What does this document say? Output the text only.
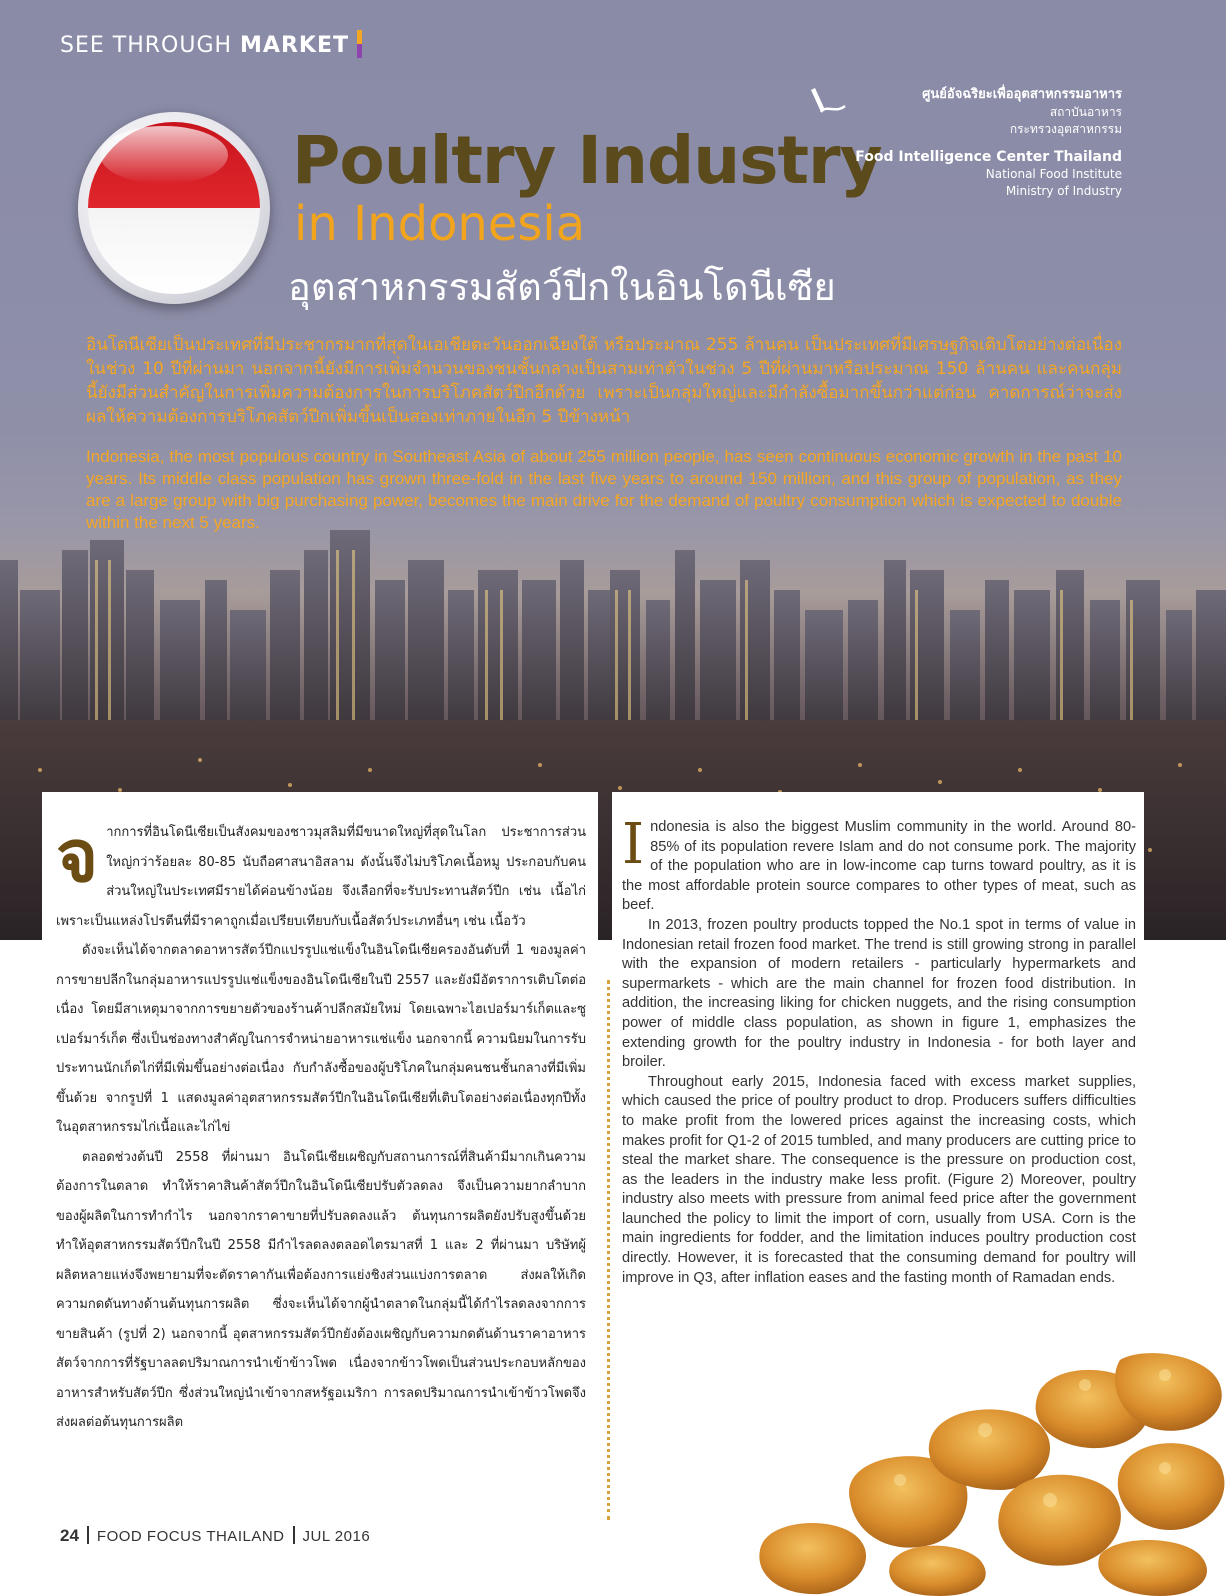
SEE THROUGH MARKET
Poultry Industry
in Indonesia
อุตสาหกรรมสัตว์ปีกในอินโดนีเซีย
ศูนย์อัจฉริยะเพื่ออุตสาหกรรมอาหาร
สถาบันอาหาร
กระทรวงอุตสาหกรรม
Food Intelligence Center Thailand
National Food Institute
Ministry of Industry

อินโดนีเซียเป็นประเทศที่มีประชากรมากที่สุดในเอเชียตะวันออกเฉียงใต้ หรือประมาณ 255 ล้านคน เป็นประเทศที่มีเศรษฐกิจเติบโตอย่างต่อเนื่องในช่วง 10 ปีที่ผ่านมา นอกจากนี้ยังมีการเพิ่มจำนวนของชนชั้นกลางเป็นสามเท่าตัวในช่วง 5 ปีที่ผ่านมาหรือประมาณ 150 ล้านคน และคนกลุ่มนี้ยังมีส่วนสำคัญในการเพิ่มความต้องการในการบริโภคสัตว์ปีกอีกด้วย เพราะเป็นกลุ่มใหญ่และมีกำลังซื้อมากขึ้นกว่าแต่ก่อน คาดการณ์ว่าจะส่งผลให้ความต้องการบริโภคสัตว์ปีกเพิ่มขึ้นเป็นสองเท่าภายในอีก 5 ปีข้างหน้า

Indonesia, the most populous country in Southeast Asia of about 255 million people, has seen continuous economic growth in the past 10 years. Its middle class population has grown three-fold in the last five years to around 150 million, and this group of population, as they are a large group with big purchasing power, becomes the main drive for the demand of poultry consumption which is expected to double within the next 5 years.

จากการที่อินโดนีเซียเป็นสังคมของชาวมุสลิมที่มีขนาดใหญ่ที่สุดในโลก ประชาการส่วนใหญ่กว่าร้อยละ 80-85 นับถือศาสนาอิสลาม ดังนั้นจึงไม่บริโภคเนื้อหมู ประกอบกับคนส่วนใหญ่ในประเทศมีรายได้ค่อนข้างน้อย จึงเลือกที่จะรับประทานสัตว์ปีก เช่น เนื้อไก่ เพราะเป็นแหล่งโปรตีนที่มีราคาถูกเมื่อเปรียบเทียบกับเนื้อสัตว์ประเภทอื่นๆ เช่น เนื้อวัว

ดังจะเห็นได้จากตลาดอาหารสัตว์ปีกแปรรูปแช่แข็งในอินโดนีเซียครองอันดับที่ 1 ของมูลค่าการขายปลีกในกลุ่มอาหารแปรรูปแช่แข็งของอินโดนีเซียในปี 2557 และยังมีอัตราการเติบโตต่อเนื่อง โดยมีสาเหตุมาจากการขยายตัวของร้านค้าปลีกสมัยใหม่ โดยเฉพาะไฮเปอร์มาร์เก็ตและซูเปอร์มาร์เก็ต ซึ่งเป็นช่องทางสำคัญในการจำหน่ายอาหารแช่แข็ง นอกจากนี้ ความนิยมในการรับประทานนักเก็ตไก่ที่มีเพิ่มขึ้นอย่างต่อเนื่อง กับกำลังซื้อของผู้บริโภคในกลุ่มคนชนชั้นกลางที่มีเพิ่มขึ้นด้วย จากรูปที่ 1 แสดงมูลค่าอุตสาหกรรมสัตว์ปีกในอินโดนีเซียที่เติบโตอย่างต่อเนื่องทุกปีทั้งในอุตสาหกรรมไก่เนื้อและไก่ไข่

ตลอดช่วงต้นปี 2558 ที่ผ่านมา อินโดนีเซียเผชิญกับสถานการณ์ที่สินค้ามีมากเกินความต้องการในตลาด ทำให้ราคาสินค้าสัตว์ปีกในอินโดนีเซียปรับตัวลดลง จึงเป็นความยากลำบากของผู้ผลิตในการทำกำไร นอกจากราคาขายที่ปรับลดลงแล้ว ต้นทุนการผลิตยังปรับสูงขึ้นด้วย ทำให้อุตสาหกรรมสัตว์ปีกในปี 2558 มีกำไรลดลงตลอดไตรมาสที่ 1 และ 2 ที่ผ่านมา บริษัทผู้ผลิตหลายแห่งจึงพยายามที่จะตัดราคากันเพื่อต้องการแย่งชิงส่วนแบ่งการตลาด ส่งผลให้เกิดความกดดันทางด้านต้นทุนการผลิต ซึ่งจะเห็นได้จากผู้นำตลาดในกลุ่มนี้ได้กำไรลดลงจากการขายสินค้า (รูปที่ 2) นอกจากนี้ อุตสาหกรรมสัตว์ปีกยังต้องเผชิญกับความกดดันด้านราคาอาหารสัตว์จากการที่รัฐบาลลดปริมาณการนำเข้าข้าวโพด เนื่องจากข้าวโพดเป็นส่วนประกอบหลักของอาหารสำหรับสัตว์ปีก ซึ่งส่วนใหญ่นำเข้าจากสหรัฐอเมริกา การลดปริมาณการนำเข้าข้าวโพดจึงส่งผลต่อต้นทุนการผลิต

Indonesia is also the biggest Muslim community in the world. Around 80-85% of its population revere Islam and do not consume pork. The majority of the population who are in low-income cap turns toward poultry, as it is the most affordable protein source compares to other types of meat, such as beef.

In 2013, frozen poultry products topped the No.1 spot in terms of value in Indonesian retail frozen food market. The trend is still growing strong in parallel with the expansion of modern retailers - particularly hypermarkets and supermarkets - which are the main channel for frozen food distribution. In addition, the increasing liking for chicken nuggets, and the rising consumption power of middle class population, as shown in figure 1, emphasizes the extending growth for the poultry industry in Indonesia - for both layer and broiler.

Throughout early 2015, Indonesia faced with excess market supplies, which caused the price of poultry product to drop. Producers suffers difficulties to make profit from the lowered prices against the increasing costs, which makes profit for Q1-2 of 2015 tumbled, and many producers are cutting price to steal the market share. The consequence is the pressure on production cost, as the leaders in the industry make less profit. (Figure 2) Moreover, poultry industry also meets with pressure from animal feed price after the government launched the policy to limit the import of corn, usually from USA. Corn is the main ingredients for fodder, and the limitation induces poultry production cost directly. However, it is forecasted that the consuming demand for poultry will improve in Q3, after inflation eases and the fasting month of Ramadan ends.

24 FOOD FOCUS THAILAND JUL 2016
